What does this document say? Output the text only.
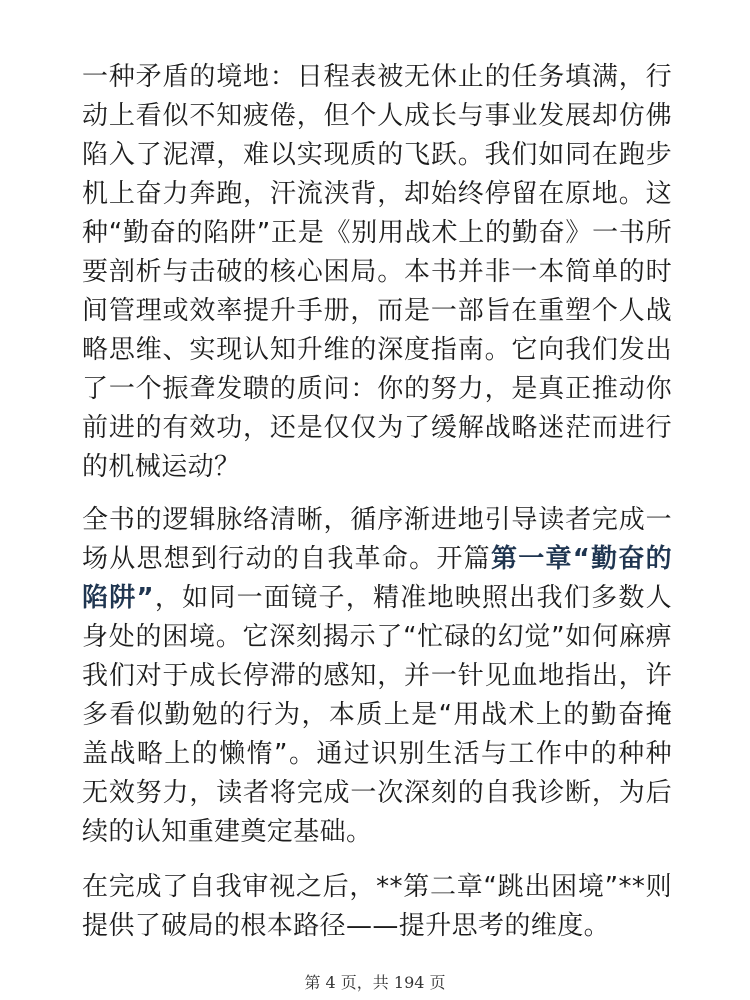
一种矛盾的境地：日程表被无休止的任务填满，行动上看似不知疲倦，但个人成长与事业发展却仿佛陷入了泥潭，难以实现质的飞跃。我们如同在跑步机上奋力奔跑，汗流浃背，却始终停留在原地。这种“勤奋的陷阱”正是《别用战术上的勤奋》一书所要剖析与击破的核心困局。本书并非一本简单的时间管理或效率提升手册，而是一部旨在重塑个人战略思维、实现认知升维的深度指南。它向我们发出了一个振聋发聩的质问：你的努力，是真正推动你前进的有效功，还是仅仅为了缓解战略迷茫而进行的机械运动？

全书的逻辑脉络清晰，循序渐进地引导读者完成一场从思想到行动的自我革命。开篇第一章“勤奋的陷阱”，如同一面镜子，精准地映照出我们多数人身处的困境。它深刻揭示了“忙碌的幻觉”如何麻痹我们对于成长停滞的感知，并一针见血地指出，许多看似勤勉的行为，本质上是“用战术上的勤奋掩盖战略上的懒惰”。通过识别生活与工作中的种种无效努力，读者将完成一次深刻的自我诊断，为后续的认知重建奠定基础。

在完成了自我审视之后，**第二章“跳出困境”**则提供了破局的根本路径——提升思考的维度。

第 4 页，共 194 页
